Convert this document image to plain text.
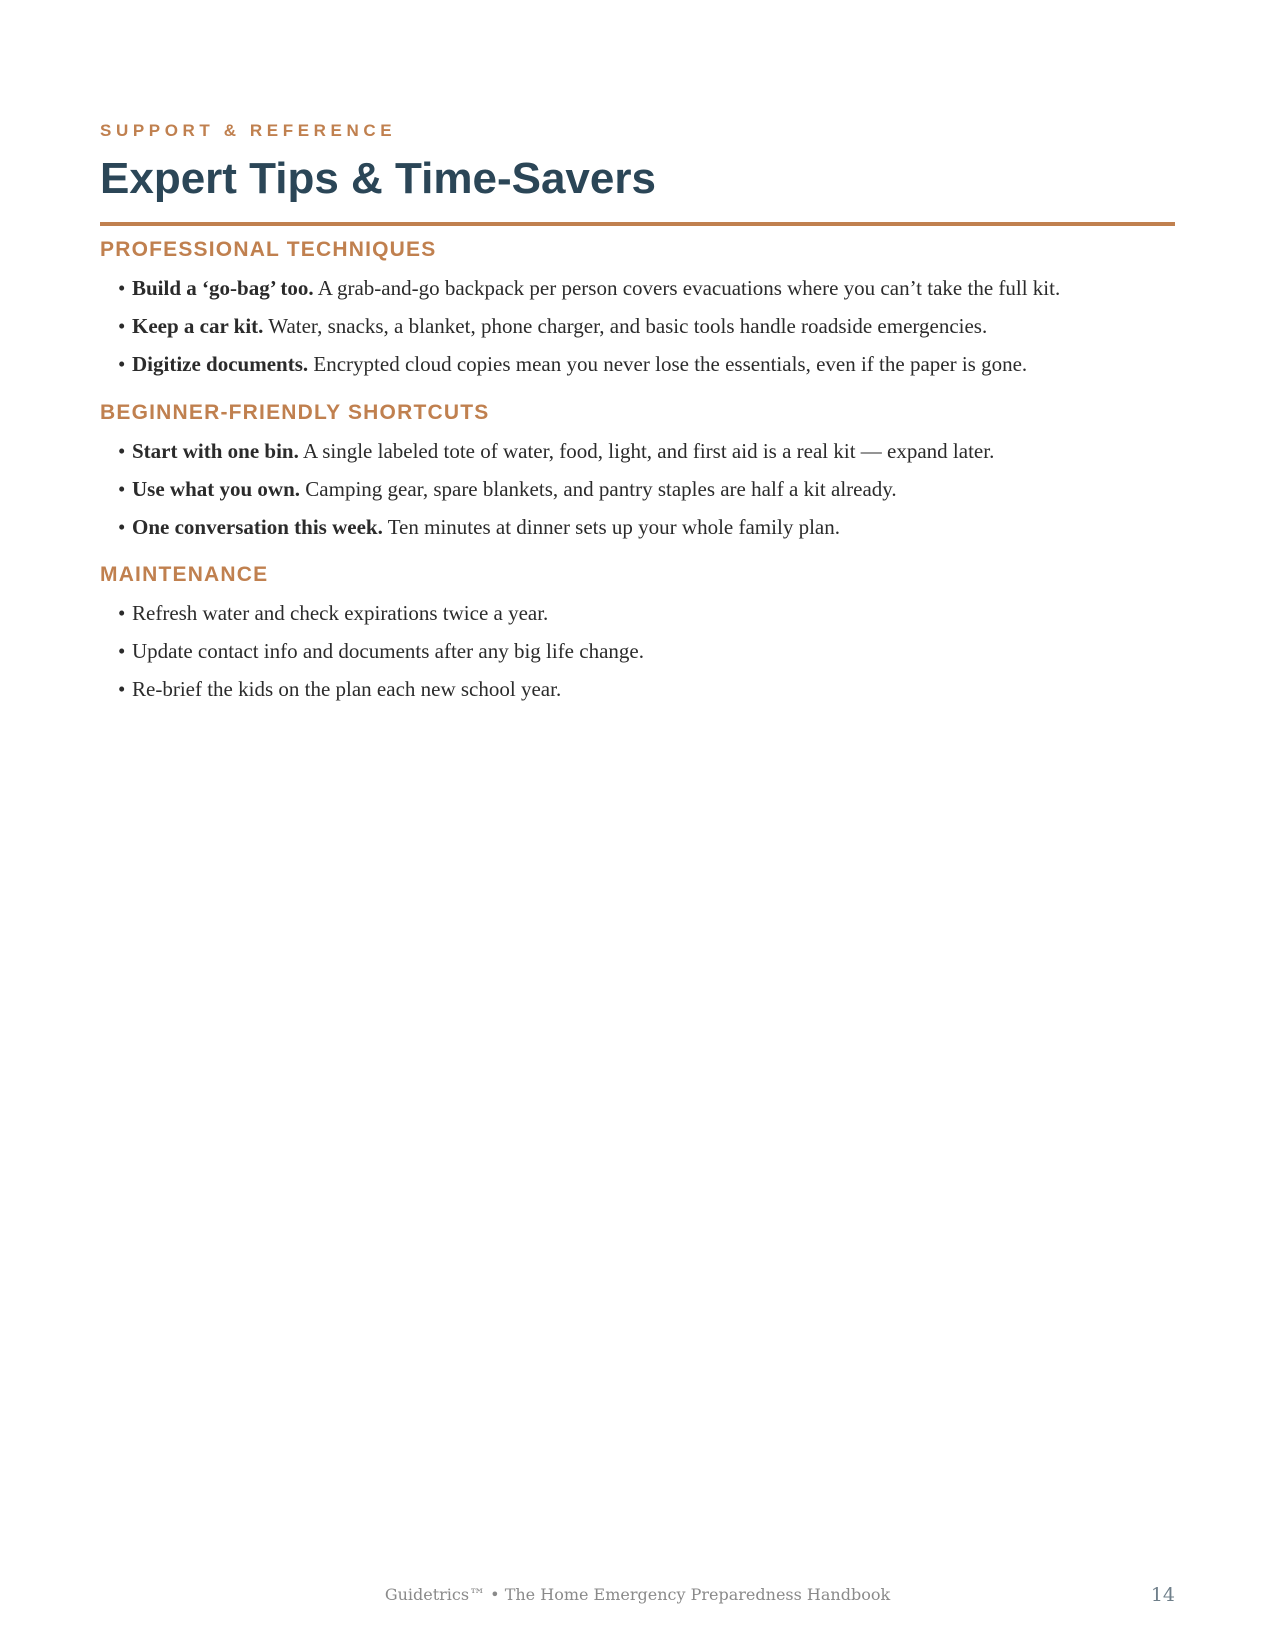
SUPPORT & REFERENCE
Expert Tips & Time-Savers
PROFESSIONAL TECHNIQUES
• Build a ‘go-bag’ too. A grab-and-go backpack per person covers evacuations where you can’t take the full kit.
• Keep a car kit. Water, snacks, a blanket, phone charger, and basic tools handle roadside emergencies.
• Digitize documents. Encrypted cloud copies mean you never lose the essentials, even if the paper is gone.
BEGINNER-FRIENDLY SHORTCUTS
• Start with one bin. A single labeled tote of water, food, light, and first aid is a real kit — expand later.
• Use what you own. Camping gear, spare blankets, and pantry staples are half a kit already.
• One conversation this week. Ten minutes at dinner sets up your whole family plan.
MAINTENANCE
• Refresh water and check expirations twice a year.
• Update contact info and documents after any big life change.
• Re-brief the kids on the plan each new school year.
Guidetrics™ • The Home Emergency Preparedness Handbook	14
